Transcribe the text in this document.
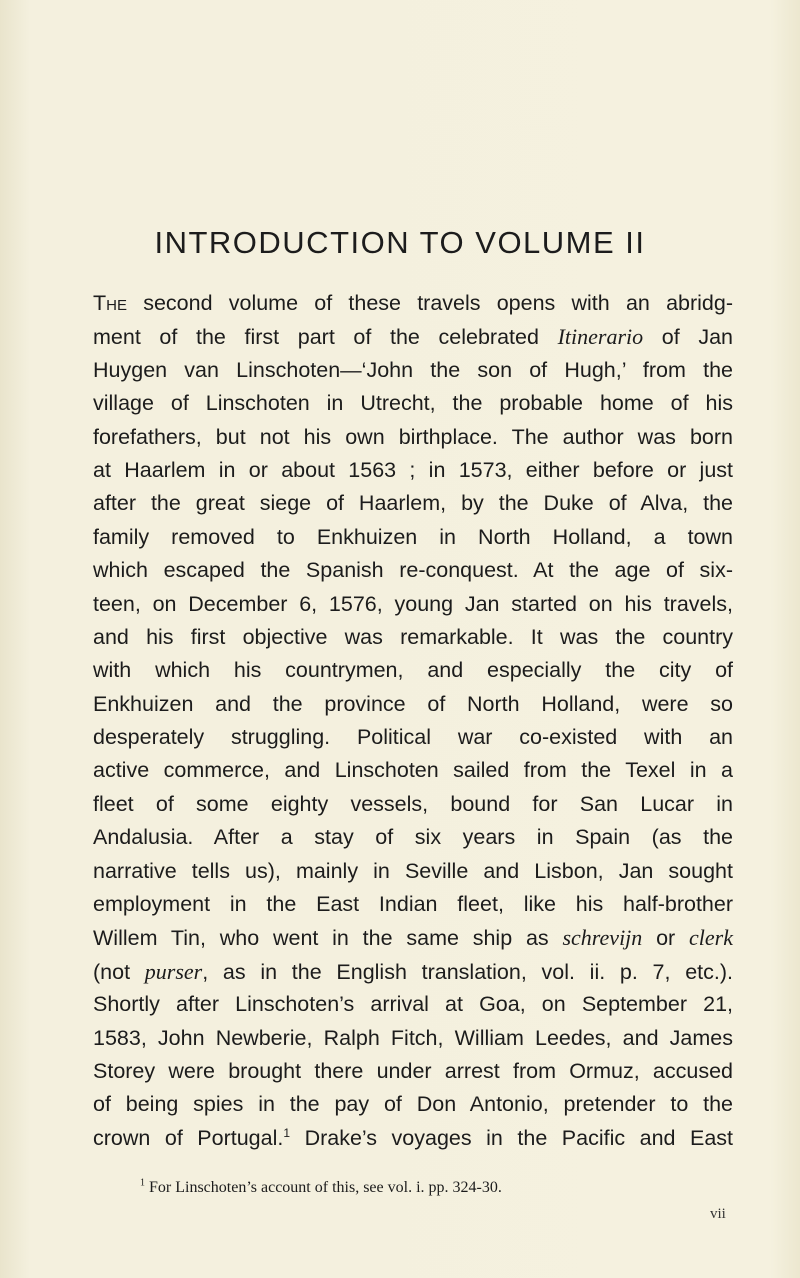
INTRODUCTION TO VOLUME II
The second volume of these travels opens with an abridg-
ment of the first part of the celebrated Itinerario of Jan
Huygen van Linschoten—‘John the son of Hugh,’ from the
village of Linschoten in Utrecht, the probable home of his
forefathers, but not his own birthplace. The author was born
at Haarlem in or about 1563 ; in 1573, either before or just
after the great siege of Haarlem, by the Duke of Alva, the
family removed to Enkhuizen in North Holland, a town
which escaped the Spanish re-conquest. At the age of six-
teen, on December 6, 1576, young Jan started on his travels,
and his first objective was remarkable. It was the country
with which his countrymen, and especially the city of
Enkhuizen and the province of North Holland, were so
desperately struggling. Political war co-existed with an
active commerce, and Linschoten sailed from the Texel in a
fleet of some eighty vessels, bound for San Lucar in
Andalusia. After a stay of six years in Spain (as the
narrative tells us), mainly in Seville and Lisbon, Jan sought
employment in the East Indian fleet, like his half-brother
Willem Tin, who went in the same ship as schrevijn or clerk
(not purser, as in the English translation, vol. ii. p. 7, etc.).
Shortly after Linschoten’s arrival at Goa, on September 21,
1583, John Newberie, Ralph Fitch, William Leedes, and James
Storey were brought there under arrest from Ormuz, accused
of being spies in the pay of Don Antonio, pretender to the
crown of Portugal.$^1$ Drake’s voyages in the Pacific and East
$^1$ For Linschoten’s account of this, see vol. i. pp. 324-30.
vii
